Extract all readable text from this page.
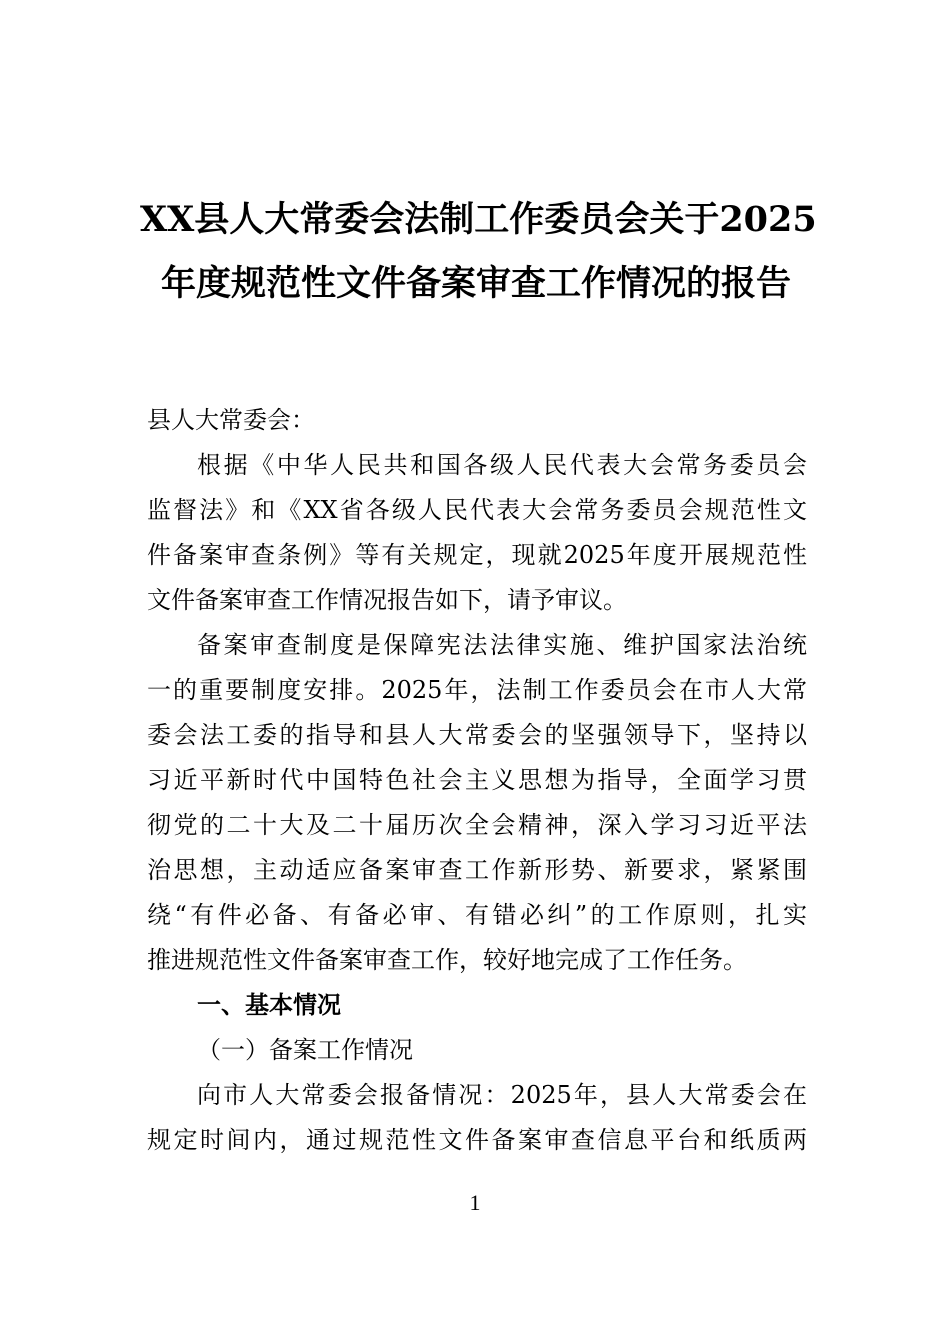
XX县人大常委会法制工作委员会关于2025
年度规范性文件备案审查工作情况的报告
县人大常委会：
根据《中华人民共和国各级人民代表大会常务委员会
监督法》和《XX省各级人民代表大会常务委员会规范性文
件备案审查条例》等有关规定，现就2025年度开展规范性
文件备案审查工作情况报告如下，请予审议。
备案审查制度是保障宪法法律实施、维护国家法治统
一的重要制度安排。2025年，法制工作委员会在市人大常
委会法工委的指导和县人大常委会的坚强领导下，坚持以
习近平新时代中国特色社会主义思想为指导，全面学习贯
彻党的二十大及二十届历次全会精神，深入学习习近平法
治思想，主动适应备案审查工作新形势、新要求，紧紧围
绕“有件必备、有备必审、有错必纠”的工作原则，扎实
推进规范性文件备案审查工作，较好地完成了工作任务。
一、基本情况
（一）备案工作情况
向市人大常委会报备情况：2025年，县人大常委会在
规定时间内，通过规范性文件备案审查信息平台和纸质两
1
